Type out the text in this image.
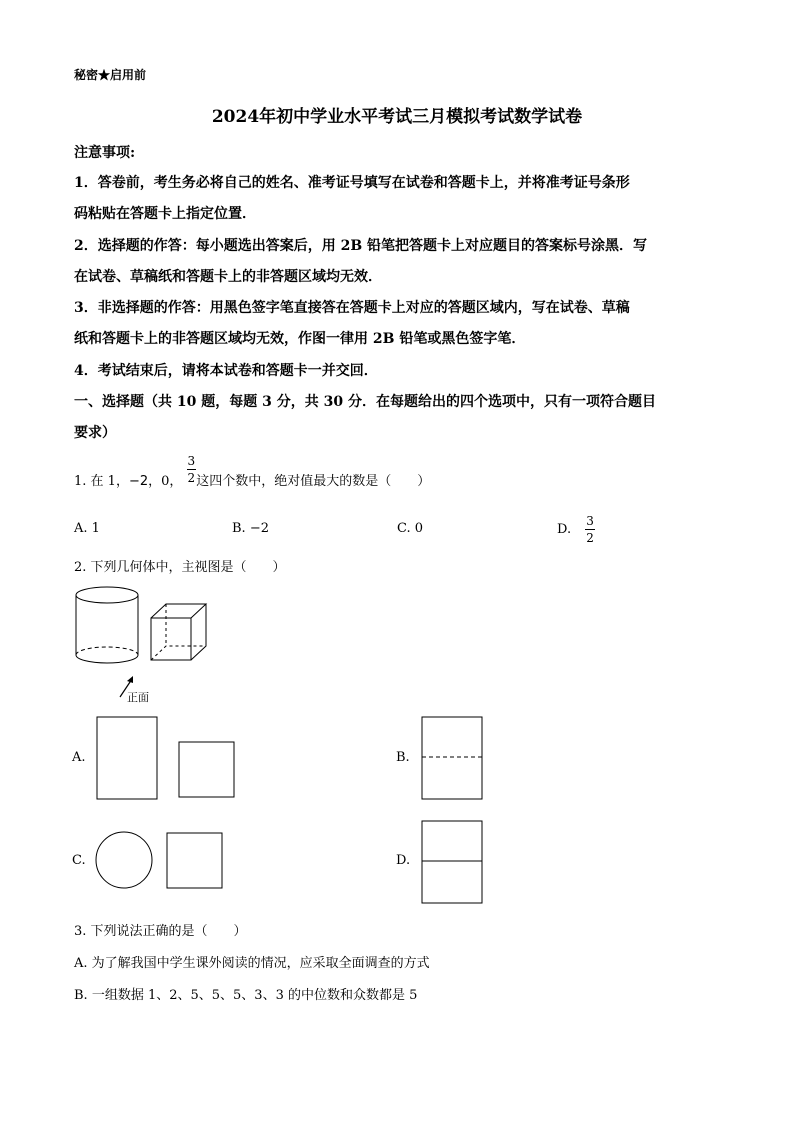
秘密★启用前
2024年初中学业水平考试三月模拟考试数学试卷
注意事项:
1．答卷前，考生务必将自己的姓名、准考证号填写在试卷和答题卡上，并将准考证号条形
码粘贴在答题卡上指定位置．
2．选择题的作答：每小题选出答案后，用 2B 铅笔把答题卡上对应题目的答案标号涂黑．写
在试卷、草稿纸和答题卡上的非答题区域均无效．
3．非选择题的作答：用黑色签字笔直接答在答题卡上对应的答题区域内，写在试卷、草稿
纸和答题卡上的非答题区域均无效，作图一律用 2B 铅笔或黑色签字笔．
4．考试结束后，请将本试卷和答题卡一并交回．
一、选择题（共 10 题，每题 3 分，共 30 分．在每题给出的四个选项中，只有一项符合题目
要求）
1. 在 1，−2，0， $\frac{3}{2}$ 这四个数中，绝对值最大的数是（　　）
A. 1	B. −2	C. 0	D. $\frac{3}{2}$
2. 下列几何体中，主视图是（　　）
正面
A.	B.
C.	D.
3. 下列说法正确的是（　　）
A. 为了解我国中学生课外阅读的情况，应采取全面调查的方式
B. 一组数据 1、2、5、5、5、3、3 的中位数和众数都是 5
